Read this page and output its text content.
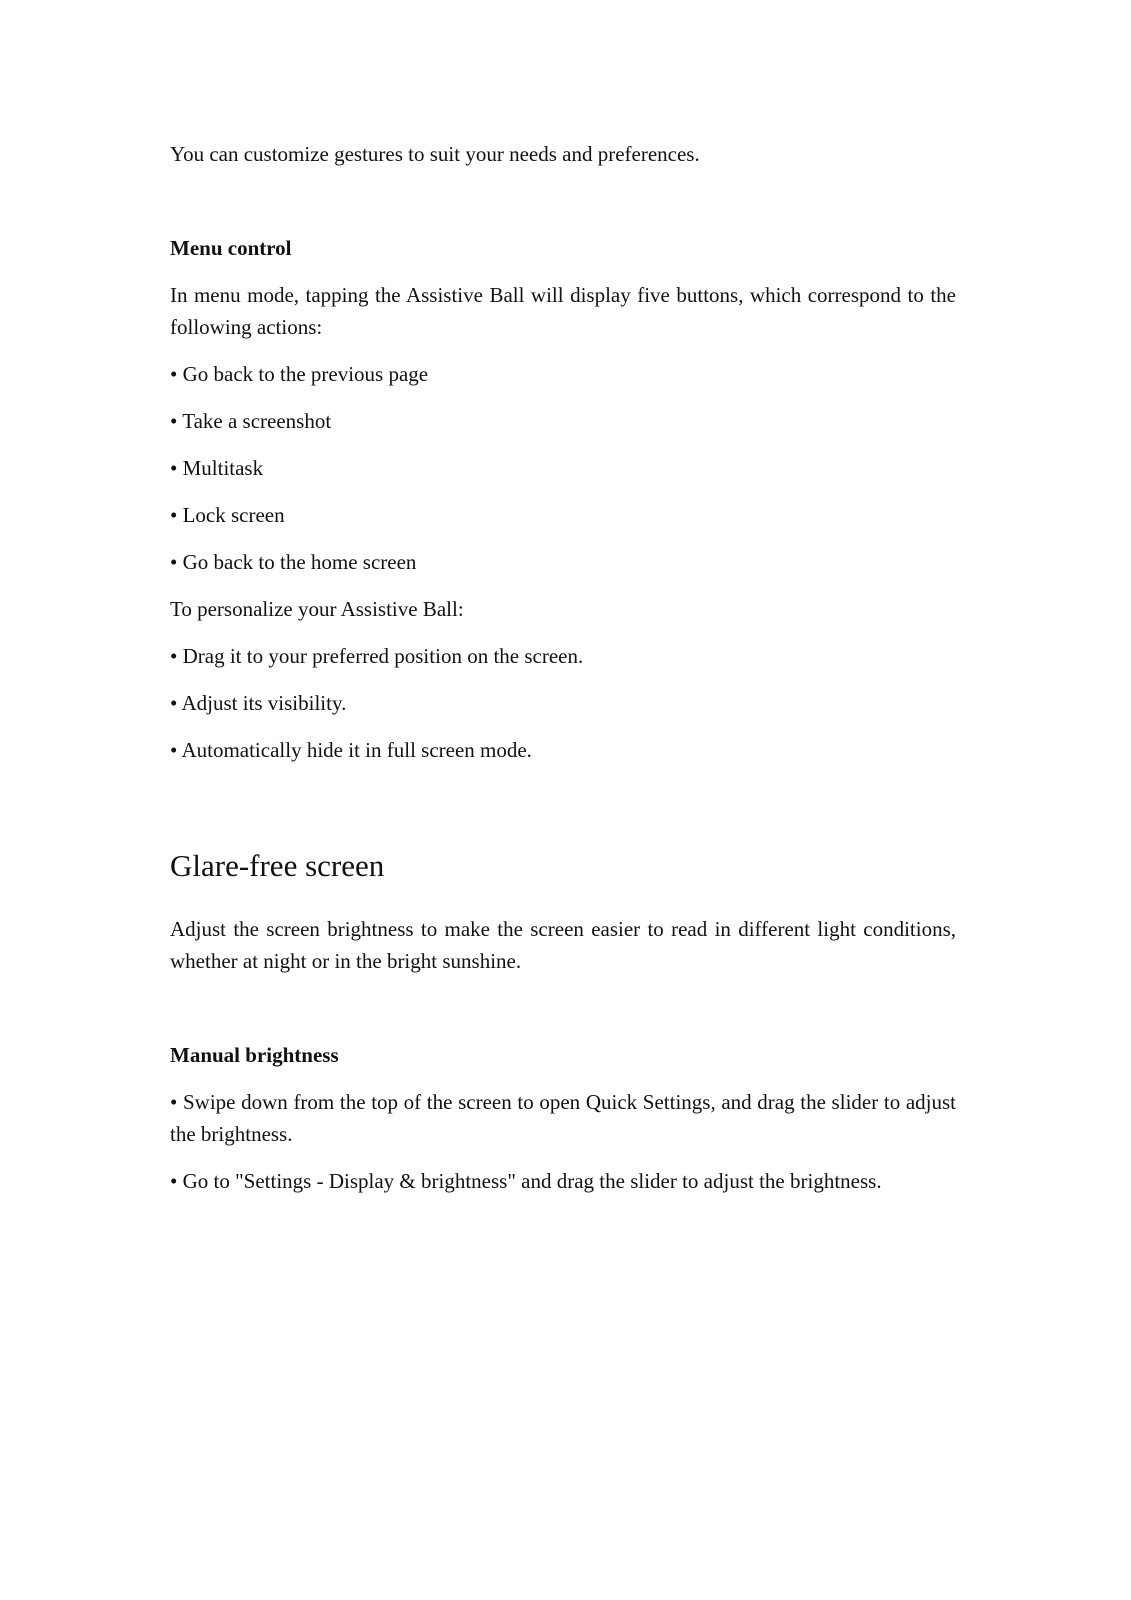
You can customize gestures to suit your needs and preferences.

Menu control

In menu mode, tapping the Assistive Ball will display five buttons, which correspond to the following actions:

• Go back to the previous page
• Take a screenshot
• Multitask
• Lock screen
• Go back to the home screen

To personalize your Assistive Ball:

• Drag it to your preferred position on the screen.
• Adjust its visibility.
• Automatically hide it in full screen mode.
Glare-free screen

Adjust the screen brightness to make the screen easier to read in different light conditions, whether at night or in the bright sunshine.

Manual brightness

• Swipe down from the top of the screen to open Quick Settings, and drag the slider to adjust the brightness.

• Go to "Settings - Display & brightness" and drag the slider to adjust the brightness.
